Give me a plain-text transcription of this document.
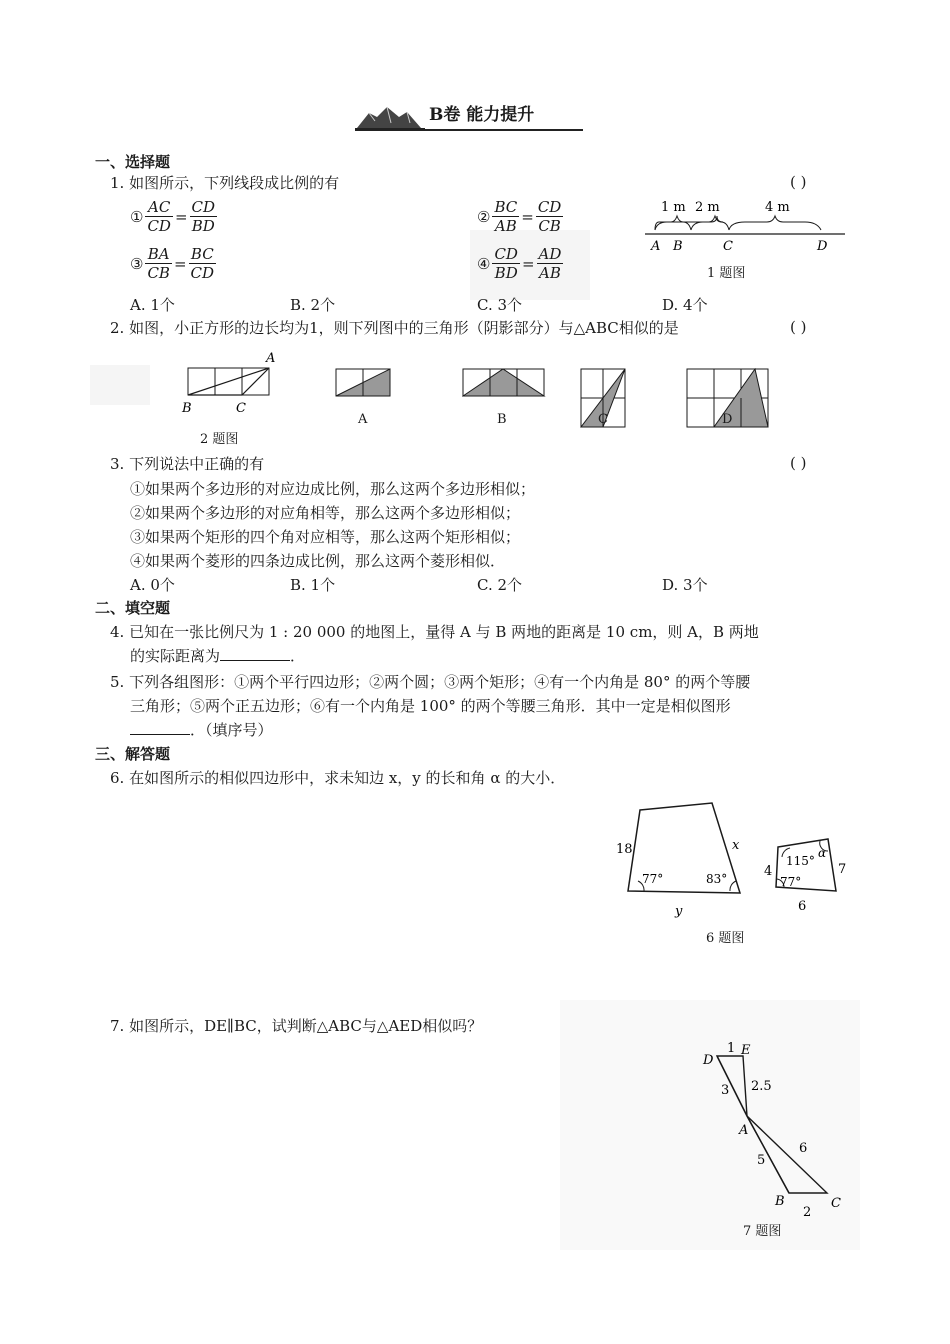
B卷 能力提升
一、选择题
1. 如图所示，下列线段成比例的有	( )
① $\frac{AC}{CD} = \frac{CD}{BD}$	② $\frac{BC}{AB} = \frac{CD}{CB}$
③ $\frac{BA}{CB} = \frac{BC}{CD}$	④ $\frac{CD}{BD} = \frac{AD}{AB}$
1 m 2 m	4 m
A B	C	D
1 题图
A. 1个	B. 2个	C. 3个	D. 4个
2. 如图，小正方形的边长均为1，则下列图中的三角形（阴影部分）与△ABC相似的是	( )
A
B	C
2 题图
A	B	C	D
3. 下列说法中正确的有	( )
①如果两个多边形的对应边成比例，那么这两个多边形相似；
②如果两个多边形的对应角相等，那么这两个多边形相似；
③如果两个矩形的四个角对应相等，那么这两个矩形相似；
④如果两个菱形的四条边成比例，那么这两个菱形相似．
A. 0个	B. 1个	C. 2个	D. 3个
二、填空题
4. 已知在一张比例尺为 1 : 20 000 的地图上，量得 A 与 B 两地的距离是 10 cm，则 A，B 两地
的实际距离为	．
5. 下列各组图形：①两个平行四边形；②两个圆；③两个矩形；④有一个内角是 80° 的两个等腰
三角形；⑤两个正五边形；⑥有一个内角是 100° 的两个等腰三角形．其中一定是相似图形
．（填序号）
三、解答题
6. 在如图所示的相似四边形中，求未知边 x，y 的长和角 α 的大小．
18	x
y
77°	83°	4	7
6
115°
α
77°
6 题图
7. 如图所示，DE∥BC，试判断△ABC与△AED相似吗？
D
E
A
B	C
1
2.5
3
5
6
2
7 题图
